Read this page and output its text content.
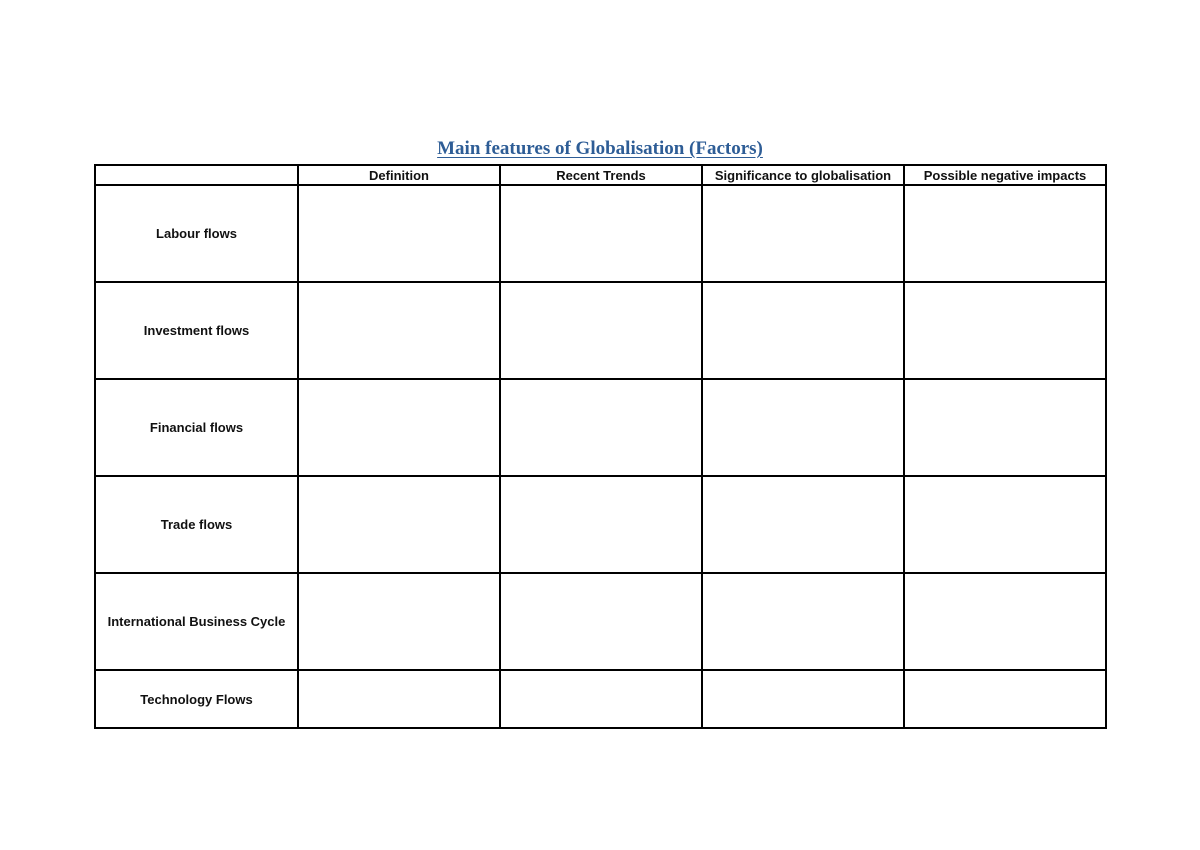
Main features of Globalisation (Factors)
	Definition	Recent Trends	Significance to globalisation	Possible negative impacts
Labour flows				
Investment flows				
Financial flows				
Trade flows				
International Business Cycle				
Technology Flows				
